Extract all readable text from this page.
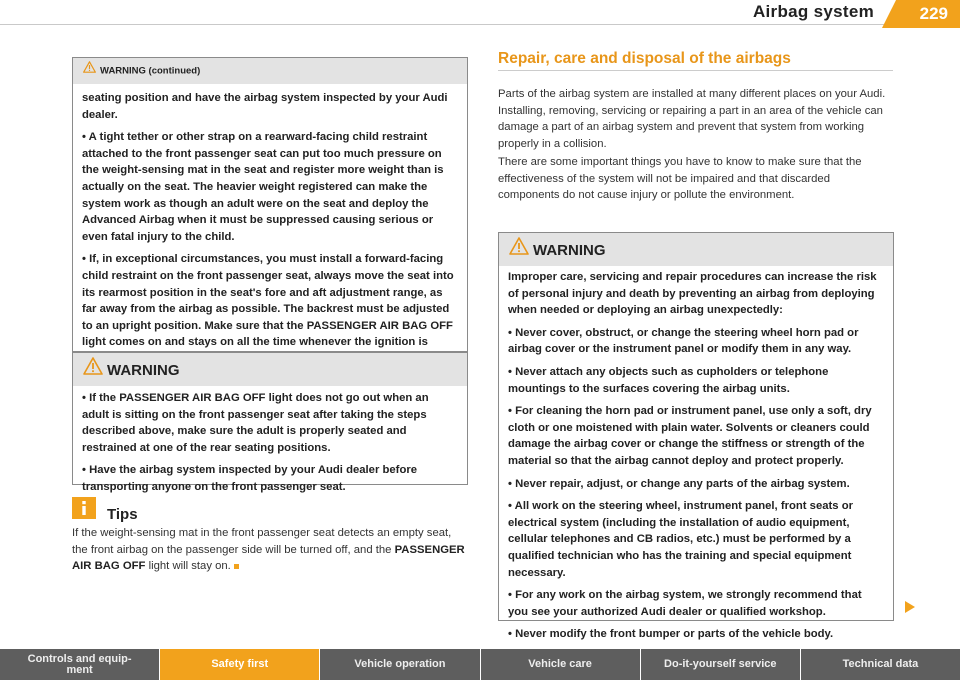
Airbag system	229
WARNING (continued)

seating position and have the airbag system inspected by your Audi dealer.

• A tight tether or other strap on a rearward-facing child restraint attached to the front passenger seat can put too much pressure on the weight-sensing mat in the seat and register more weight than is actually on the seat. The heavier weight registered can make the system work as though an adult were on the seat and deploy the Advanced Airbag when it must be suppressed causing serious or even fatal injury to the child.

• If, in exceptional circumstances, you must install a forward-facing child restraint on the front passenger seat, always move the seat into its rearmost position in the seat's fore and aft adjustment range, as far away from the airbag as possible. The backrest must be adjusted to an upright position. Make sure that the PASSENGER AIR BAG OFF light comes on and stays on all the time whenever the ignition is

WARNING

• If the PASSENGER AIR BAG OFF light does not go out when an adult is sitting on the front passenger seat after taking the steps described above, make sure the adult is properly seated and restrained at one of the rear seating positions.

• Have the airbag system inspected by your Audi dealer before transporting anyone on the front passenger seat.

Tips

If the weight-sensing mat in the front passenger seat detects an empty seat, the front airbag on the passenger side will be turned off, and the PASSENGER AIR BAG OFF light will stay on.

Repair, care and disposal of the airbags

Parts of the airbag system are installed at many different places on your Audi. Installing, removing, servicing or repairing a part in an area of the vehicle can damage a part of an airbag system and prevent that system from working properly in a collision.

There are some important things you have to know to make sure that the effectiveness of the system will not be impaired and that discarded components do not cause injury or pollute the environment.

WARNING

Improper care, servicing and repair procedures can increase the risk of personal injury and death by preventing an airbag from deploying when needed or deploying an airbag unexpectedly:

• Never cover, obstruct, or change the steering wheel horn pad or airbag cover or the instrument panel or modify them in any way.

• Never attach any objects such as cupholders or telephone mountings to the surfaces covering the airbag units.

• For cleaning the horn pad or instrument panel, use only a soft, dry cloth or one moistened with plain water. Solvents or cleaners could damage the airbag cover or change the stiffness or strength of the material so that the airbag cannot deploy and protect properly.

• Never repair, adjust, or change any parts of the airbag system.

• All work on the steering wheel, instrument panel, front seats or electrical system (including the installation of audio equipment, cellular telephones and CB radios, etc.) must be performed by a qualified technician who has the training and special equipment necessary.

• For any work on the airbag system, we strongly recommend that you see your authorized Audi dealer or qualified workshop.

• Never modify the front bumper or parts of the vehicle body.

Controls and equip-
ment	Safety first	Vehicle operation	Vehicle care	Do-it-yourself service	Technical data
